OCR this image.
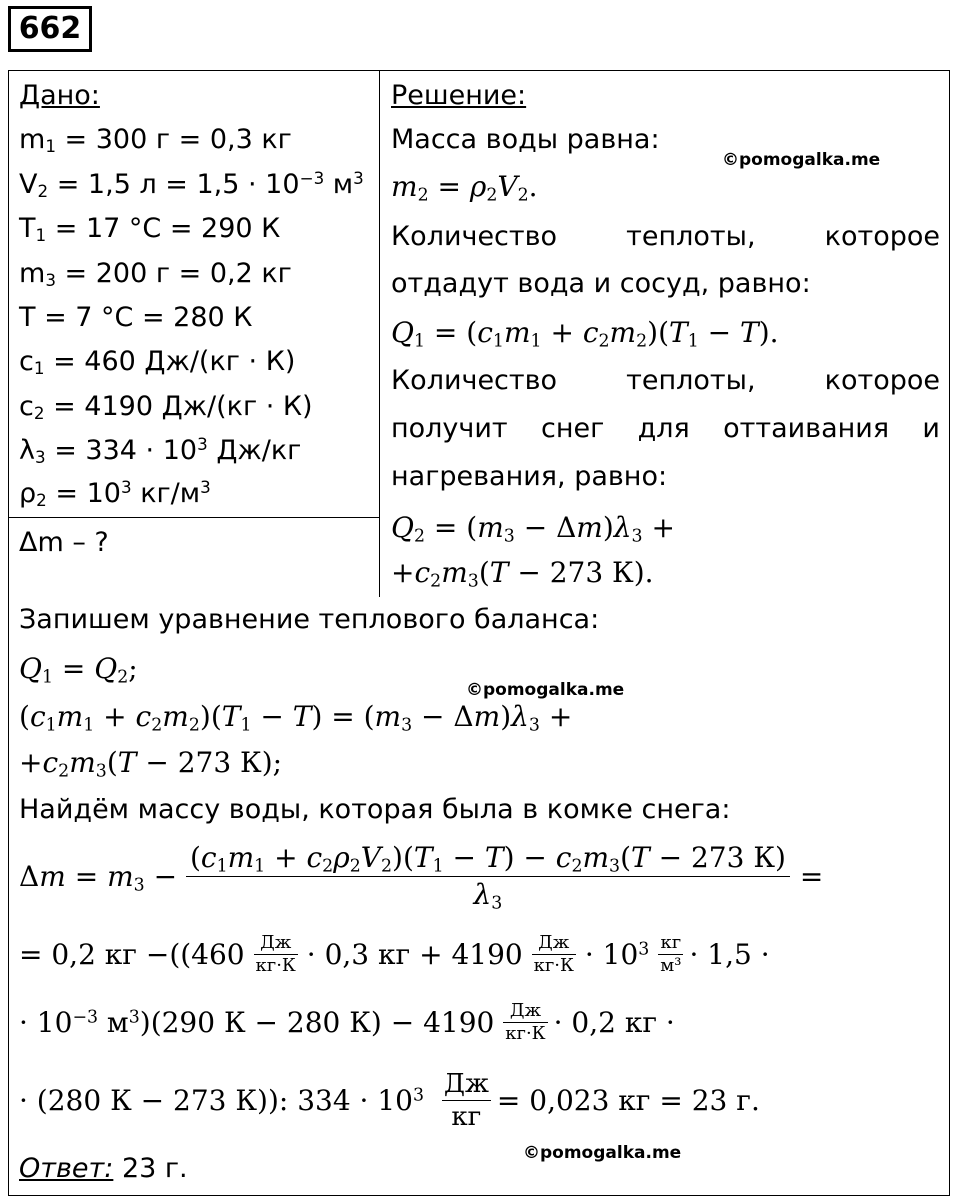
662
Дано:
$m_1 = 300$ г = 0,3 кг
$V_2 = 1,5$ $л = 1,5 \cdot 10^{-3}$ $м^3$
$T_1 = 17$ °C = 290 К
$m_3 = 200$ г = 0,2 кг
T = 7 °C = 280 К
$c_1 = 460$ Дж/(кг · К)
$c_2 = 4190$ Дж/(кг · К)
$\lambda_3 = 334 \cdot 10^3$ Дж/кг
$\rho_2 = 10^3$ $кг/м^3$
Δm – ?
Решение:
Масса воды равна:
©pomogalka.me
$m_2 = \rho_2V_2$.
Количество	теплоты,	которое
отдадут вода и сосуд, равно:
$Q_1 = (c_1m_1 + c_2m_2)(T_1 - T)$.
Количество	теплоты,	которое
получит снег для оттаивания и
нагревания, равно:
$Q_2 = (m_3 - \Delta m)\lambda_3$ +
$+c_2m_3(T - 273$ К).
Запишем уравнение теплового баланса:
$Q_1 = Q_2$;
©pomogalka.me
$(c_1m_1 + c_2m_2)(T_1 - T) = (m_3 - \Delta m)\lambda_3$ +
$+c_2m_3(T - 273$ К);
Найдём массу воды, которая была в комке снега:
$\Delta m = m_3 - \frac{(c_1m_1 + c_2\rho_2V_2)(T_1 - T) - c_2m_3(T - 273 К)}{\lambda_3}$ =
= 0,2 кг −((460
$\frac{Дж}{кг\cdot К}$
· 0,3 кг + 4190
$\frac{Дж}{кг\cdot К} \cdot 10^3$
$\frac{кг}{\text{м³}} \cdot 1,5$ ·
· $10^{-3}$ $м^3)(290$ К − 280 К) − 4190
$\frac{Дж}{кг\cdot К} \cdot 0,2$ кг ·
· (280 К − 273 К)): $334 \cdot 10^3$
$\frac{Дж}{кг} = 0,023$ кг = 23 г.
©pomogalka.me
Ответ: 23 г.
